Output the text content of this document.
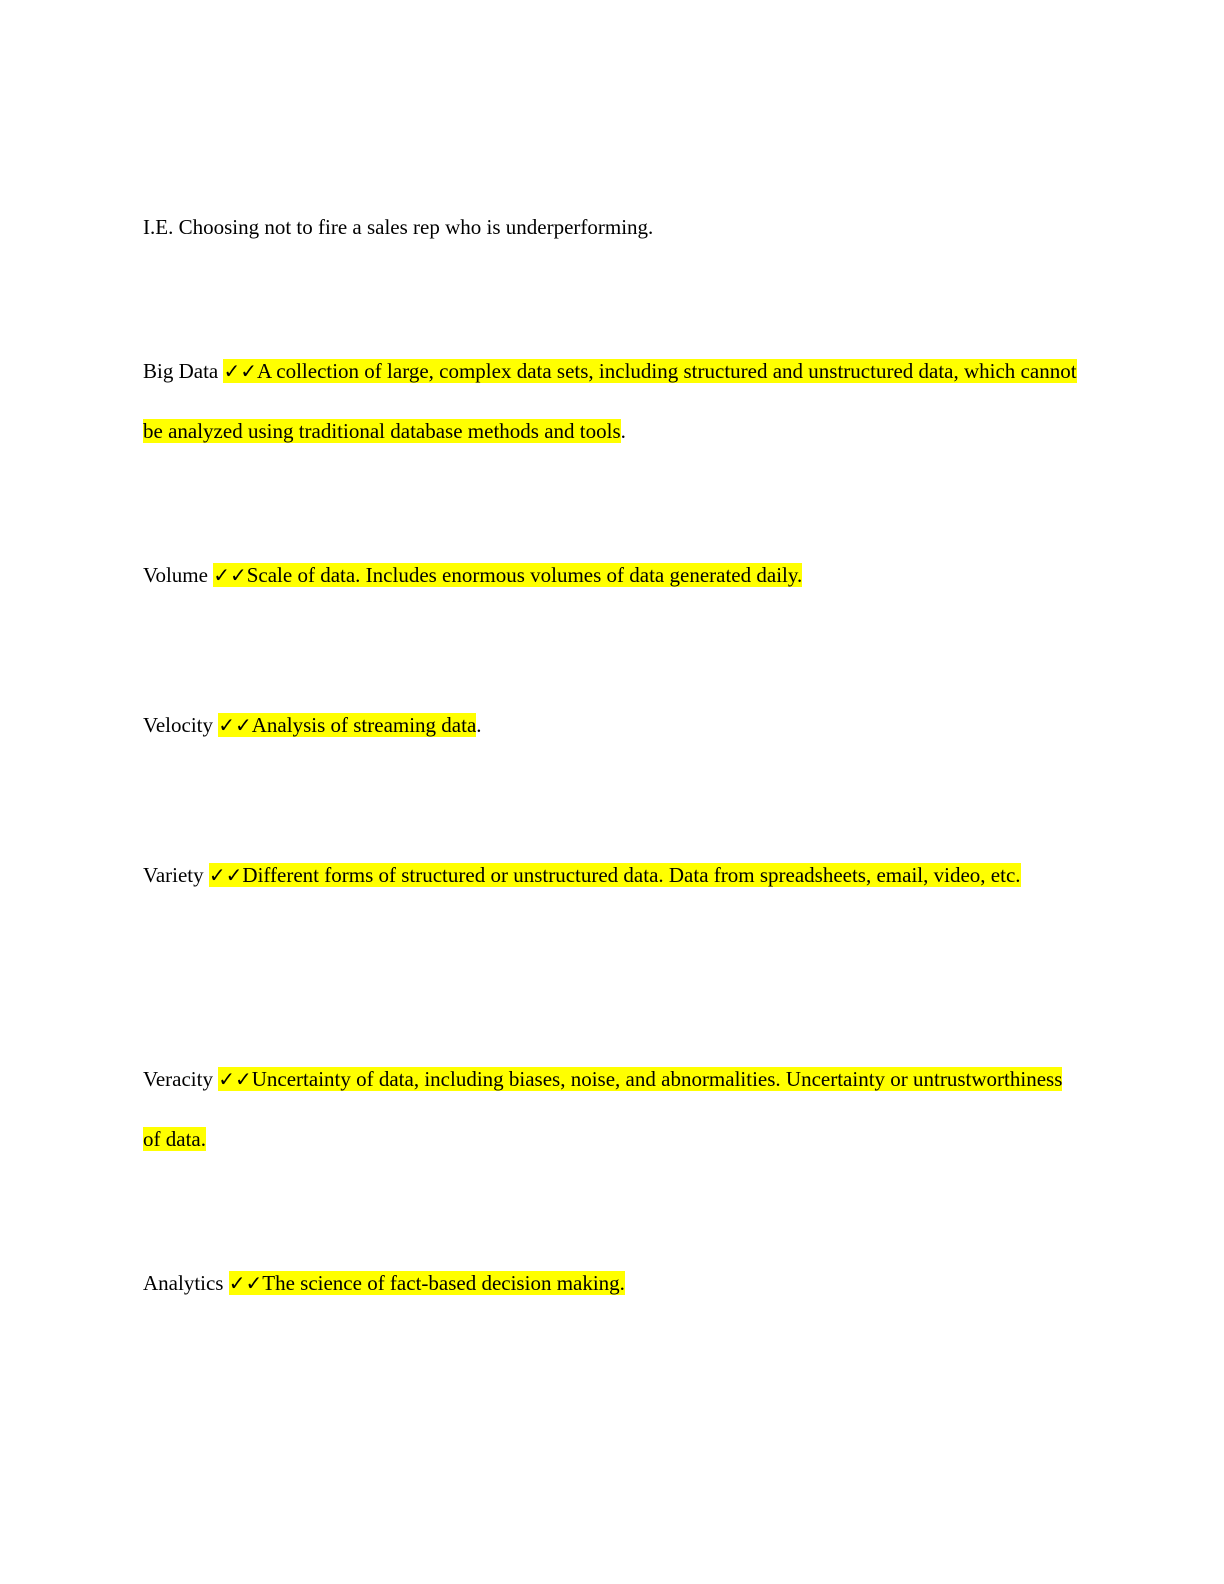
I.E. Choosing not to fire a sales rep who is underperforming.
Big Data ✓✓A collection of large, complex data sets, including structured and unstructured data, which cannot be analyzed using traditional database methods and tools.
Volume ✓✓Scale of data. Includes enormous volumes of data generated daily.
Velocity ✓✓Analysis of streaming data.
Variety ✓✓Different forms of structured or unstructured data. Data from spreadsheets, email, video, etc.
Veracity ✓✓Uncertainty of data, including biases, noise, and abnormalities. Uncertainty or untrustworthiness of data.
Analytics ✓✓The science of fact-based decision making.
